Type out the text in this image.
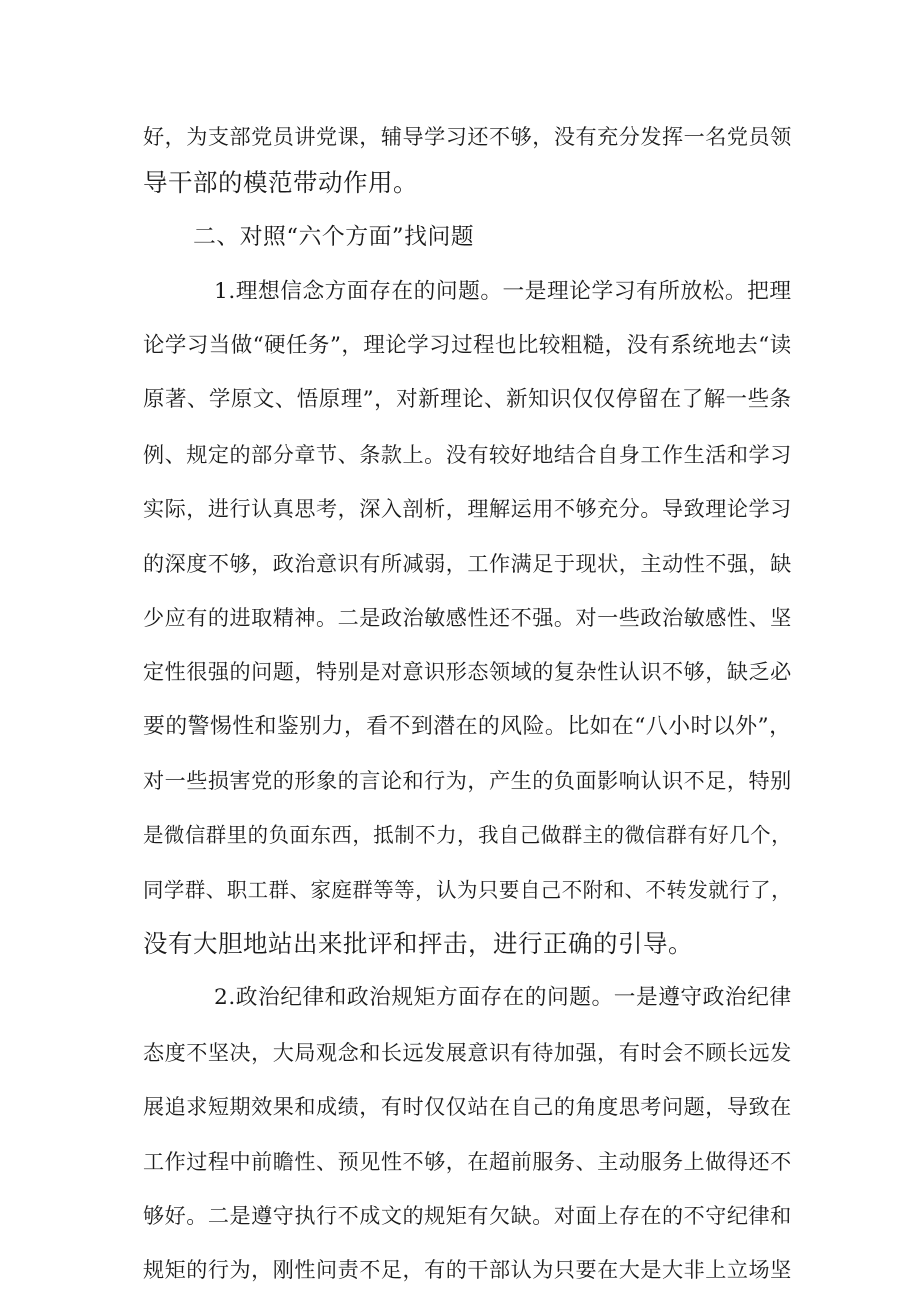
好，为支部党员讲党课，辅导学习还不够，没有充分发挥一名党员领
导干部的模范带动作用。
二、对照“六个方面”找问题
1.理想信念方面存在的问题。一是理论学习有所放松。把理
论学习当做“硬任务”，理论学习过程也比较粗糙，没有系统地去“读
原著、学原文、悟原理”，对新理论、新知识仅仅停留在了解一些条
例、规定的部分章节、条款上。没有较好地结合自身工作生活和学习
实际，进行认真思考，深入剖析，理解运用不够充分。导致理论学习
的深度不够，政治意识有所减弱，工作满足于现状，主动性不强，缺
少应有的进取精神。二是政治敏感性还不强。对一些政治敏感性、坚
定性很强的问题，特别是对意识形态领域的复杂性认识不够，缺乏必
要的警惕性和鉴别力，看不到潜在的风险。比如在“八小时以外”，
对一些损害党的形象的言论和行为，产生的负面影响认识不足，特别
是微信群里的负面东西，抵制不力，我自己做群主的微信群有好几个，
同学群、职工群、家庭群等等，认为只要自己不附和、不转发就行了，
没有大胆地站出来批评和抨击，进行正确的引导。
2.政治纪律和政治规矩方面存在的问题。一是遵守政治纪律
态度不坚决，大局观念和长远发展意识有待加强，有时会不顾长远发
展追求短期效果和成绩，有时仅仅站在自己的角度思考问题，导致在
工作过程中前瞻性、预见性不够，在超前服务、主动服务上做得还不
够好。二是遵守执行不成文的规矩有欠缺。对面上存在的不守纪律和
规矩的行为，刚性问责不足，有的干部认为只要在大是大非上立场坚
